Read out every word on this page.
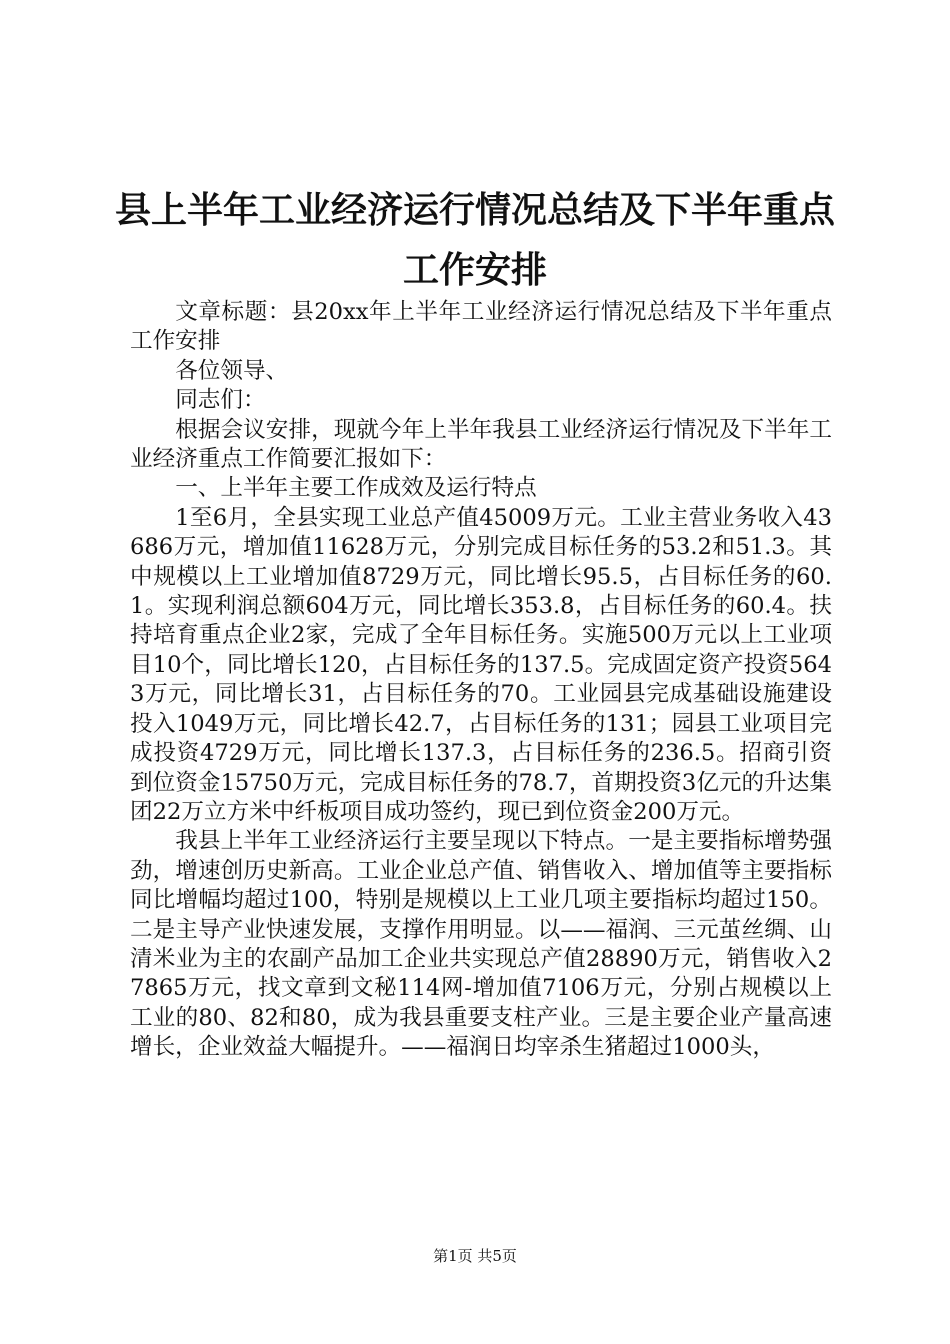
县上半年工业经济运行情况总结及下半年重点
工作安排

文章标题：县20xx年上半年工业经济运行情况总结及下半年重点工作安排

各位领导、

同志们：

根据会议安排，现就今年上半年我县工业经济运行情况及下半年工业经济重点工作简要汇报如下：

一、上半年主要工作成效及运行特点

1至6月，全县实现工业总产值45009万元。工业主营业务收入43686万元，增加值11628万元，分别完成目标任务的53.2和51.3。其中规模以上工业增加值8729万元，同比增长95.5，占目标任务的60.1。实现利润总额604万元，同比增长353.8，占目标任务的60.4。扶持培育重点企业2家，完成了全年目标任务。实施500万元以上工业项目10个，同比增长120，占目标任务的137.5。完成固定资产投资5643万元，同比增长31，占目标任务的70。工业园县完成基础设施建设投入1049万元，同比增长42.7，占目标任务的131；园县工业项目完成投资4729万元，同比增长137.3，占目标任务的236.5。招商引资到位资金15750万元，完成目标任务的78.7，首期投资3亿元的升达集团22万立方米中纤板项目成功签约，现已到位资金200万元。

我县上半年工业经济运行主要呈现以下特点。一是主要指标增势强劲，增速创历史新高。工业企业总产值、销售收入、增加值等主要指标同比增幅均超过100，特别是规模以上工业几项主要指标均超过150。二是主导产业快速发展，支撑作用明显。以——福润、三元茧丝绸、山清米业为主的农副产品加工企业共实现总产值28890万元，销售收入27865万元，找文章到文秘114网-增加值7106万元，分别占规模以上工业的80、82和80，成为我县重要支柱产业。三是主要企业产量高速增长，企业效益大幅提升。——福润日均宰杀生猪超过1000头，

第1页 共5页
